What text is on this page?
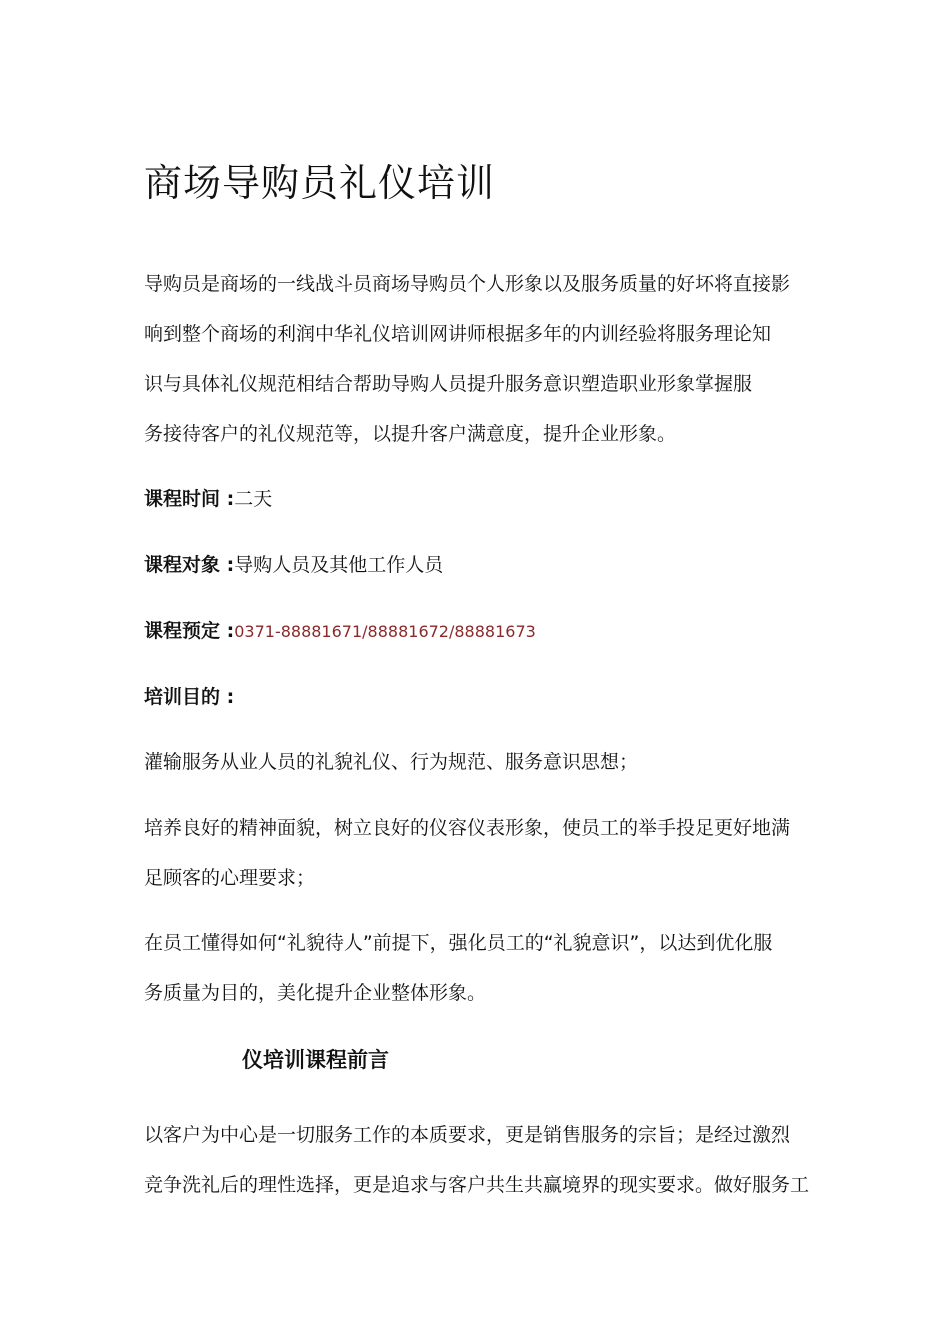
商场导购员礼仪培训
导购员是商场的一线战斗员商场导购员个人形象以及服务质量的好坏将直接影
响到整个商场的利润中华礼仪培训网讲师根据多年的内训经验将服务理论知
识与具体礼仪规范相结合帮助导购人员提升服务意识塑造职业形象掌握服
务接待客户的礼仪规范等，以提升客户满意度，提升企业形象。
课程时间 :二天
课程对象 :导购人员及其他工作人员
课程预定 :0371-88881671/88881672/88881673
培训目的 :
灌输服务从业人员的礼貌礼仪、行为规范、服务意识思想；
培养良好的精神面貌，树立良好的仪容仪表形象，使员工的举手投足更好地满
足顾客的心理要求；
在员工懂得如何“礼貌待人”前提下，强化员工的“礼貌意识”，以达到优化服
务质量为目的，美化提升企业整体形象。
仪培训课程前言
以客户为中心是一切服务工作的本质要求，更是销售服务的宗旨；是经过激烈
竞争洗礼后的理性选择，更是追求与客户共生共赢境界的现实要求。做好服务工
